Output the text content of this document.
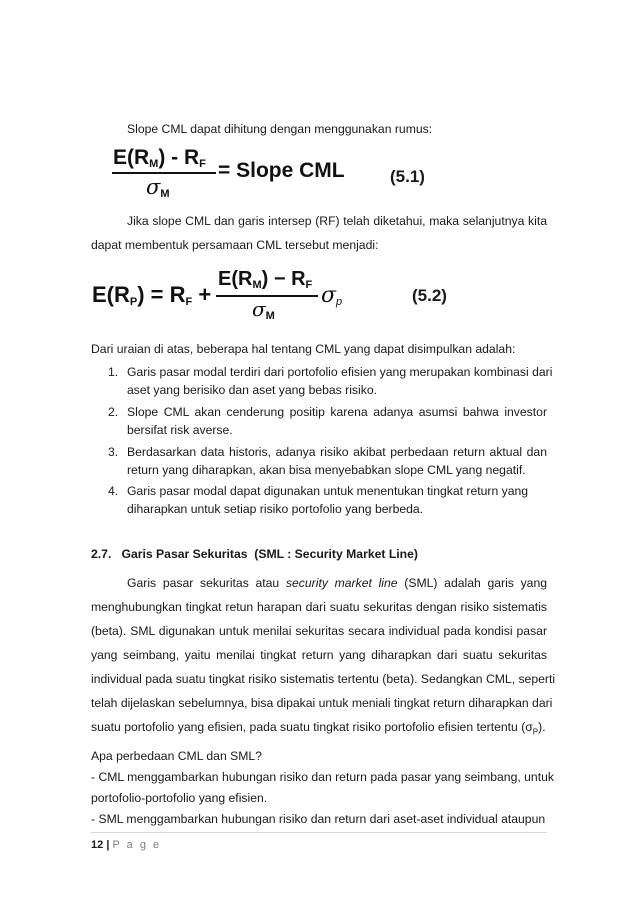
Slope CML dapat dihitung dengan menggunakan rumus:
$E(R_M) - R_F$
$\sigma_M$
= Slope CML	(5.1)
Jika slope CML dan garis intersep (RF) telah diketahui, maka selanjutnya kita
dapat membentuk persamaan CML tersebut menjadi:
$E(R_P) = R_F$ +
$E(R_M) - R_F$
$\sigma_M$
$\sigma_p$	(5.2)
Dari uraian di atas, beberapa hal tentang CML yang dapat disimpulkan adalah:
1. Garis pasar modal terdiri dari portofolio efisien yang merupakan kombinasi dari
aset yang berisiko dan aset yang bebas risiko.
2. Slope CML akan cenderung positip karena adanya asumsi bahwa investor
bersifat risk averse.
3. Berdasarkan data historis, adanya risiko akibat perbedaan return aktual dan
return yang diharapkan, akan bisa menyebabkan slope CML yang negatif.
4. Garis pasar modal dapat digunakan untuk menentukan tingkat return yang
diharapkan untuk setiap risiko portofolio yang berbeda.
2.7.   Garis Pasar Sekuritas  (SML : Security Market Line)
Garis pasar sekuritas atau security market line (SML) adalah garis yang
menghubungkan tingkat retun harapan dari suatu sekuritas dengan risiko sistematis
(beta). SML digunakan untuk menilai sekuritas secara individual pada kondisi pasar
yang seimbang, yaitu menilai tingkat return yang diharapkan dari suatu sekuritas
individual pada suatu tingkat risiko sistematis tertentu (beta). Sedangkan CML, seperti
telah dijelaskan sebelumnya, bisa dipakai untuk meniali tingkat return diharapkan dari
suatu portofolio yang efisien, pada suatu tingkat risiko portofolio efisien tertentu $(\sigma_P)$.
Apa perbedaan CML dan SML?
- CML menggambarkan hubungan risiko dan return pada pasar yang seimbang, untuk
portofolio-portofolio yang efisien.
- SML menggambarkan hubungan risiko dan return dari aset-aset individual ataupun
12 | P a g e
